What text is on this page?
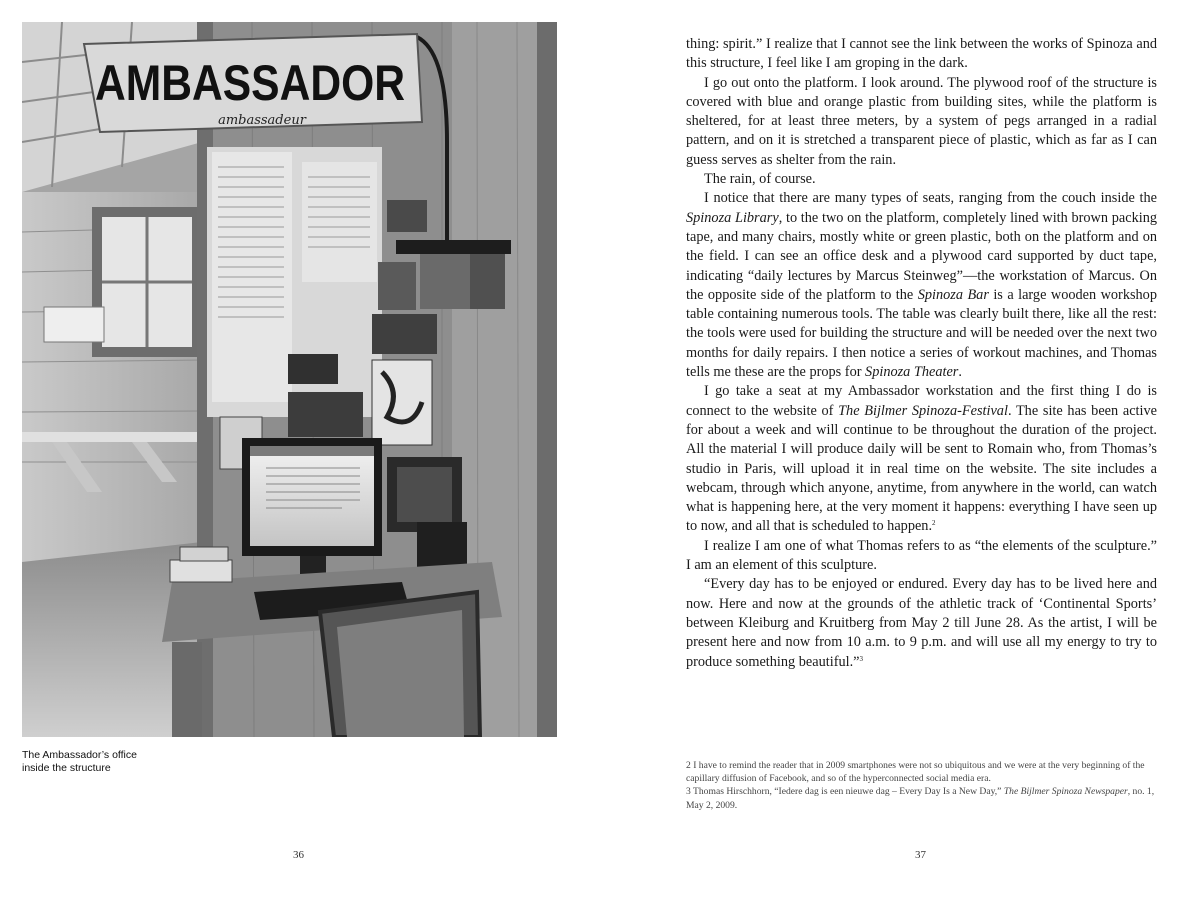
AMBASSADOR
ambassadeur
The Ambassador’s office
inside the structure
36

thing: spirit.” I realize that I cannot see the link between the works of Spinoza and this structure, I feel like I am groping in the dark.

I go out onto the platform. I look around. The plywood roof of the structure is covered with blue and orange plastic from building sites, while the platform is sheltered, for at least three meters, by a system of pegs arranged in a radial pattern, and on it is stretched a transparent piece of plastic, which as far as I can guess serves as shelter from the rain.

The rain, of course.

I notice that there are many types of seats, ranging from the couch inside the Spinoza Library, to the two on the platform, completely lined with brown packing tape, and many chairs, mostly white or green plastic, both on the platform and on the field. I can see an office desk and a plywood card supported by duct tape, indicating “daily lectures by Marcus Steinweg”—the workstation of Marcus. On the opposite side of the platform to the Spinoza Bar is a large wooden workshop table containing numerous tools. The table was clearly built there, like all the rest: the tools were used for building the structure and will be needed over the next two months for daily repairs. I then notice a series of workout machines, and Thomas tells me these are the props for Spinoza Theater.

I go take a seat at my Ambassador workstation and the first thing I do is connect to the website of The Bijlmer Spinoza-Festival. The site has been active for about a week and will continue to be throughout the duration of the project. All the material I will produce daily will be sent to Romain who, from Thomas’s studio in Paris, will upload it in real time on the website. The site includes a webcam, through which anyone, anytime, from anywhere in the world, can watch what is happening here, at the very moment it happens: everything I have seen up to now, and all that is scheduled to happen.$^2$

I realize I am one of what Thomas refers to as “the elements of the sculpture.” I am an element of this sculpture.

“Every day has to be enjoyed or endured. Every day has to be lived here and now. Here and now at the grounds of the athletic track of ‘Continental Sports’ between Kleiburg and Kruitberg from May 2 till June 28. As the artist, I will be present here and now from 10 a.m. to 9 p.m. and will use all my energy to try to produce something beautiful.”$^3$

2 I have to remind the reader that in 2009 smartphones were not so ubiquitous and we were at the very beginning of the capillary diffusion of Facebook, and so of the hyperconnected social media era.

3 Thomas Hirschhorn, “Iedere dag is een nieuwe dag – Every Day Is a New Day,” The Bijlmer Spinoza Newspaper, no. 1, May 2, 2009.

37
